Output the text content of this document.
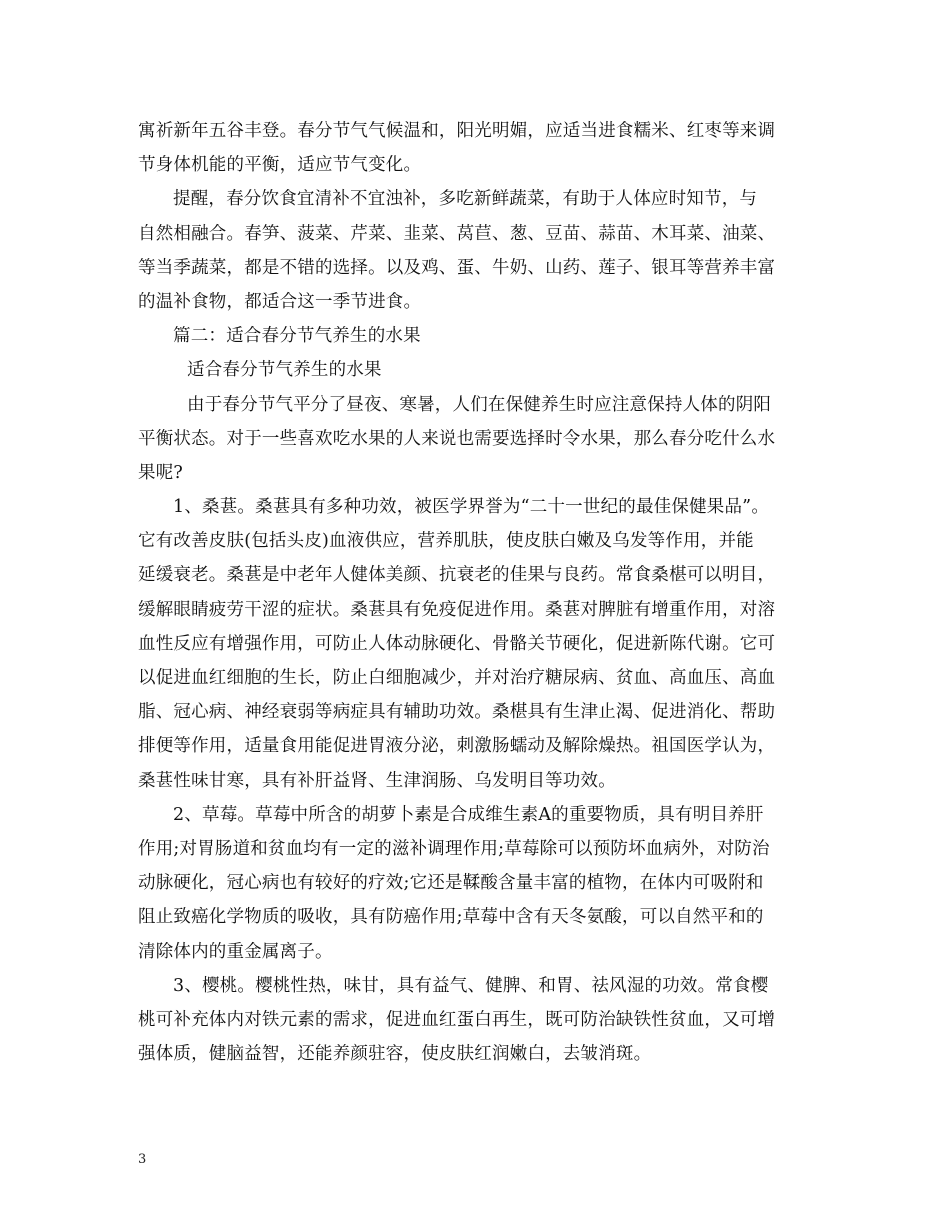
寓祈新年五谷丰登。春分节气气候温和，阳光明媚，应适当进食糯米、红枣等来调
节身体机能的平衡，适应节气变化。
提醒，春分饮食宜清补不宜浊补，多吃新鲜蔬菜，有助于人体应时知节，与
自然相融合。春笋、菠菜、芹菜、韭菜、莴苣、葱、豆苗、蒜苗、木耳菜、油菜、
等当季蔬菜，都是不错的选择。以及鸡、蛋、牛奶、山药、莲子、银耳等营养丰富
的温补食物，都适合这一季节进食。
篇二：适合春分节气养生的水果
适合春分节气养生的水果
由于春分节气平分了昼夜、寒暑，人们在保健养生时应注意保持人体的阴阳
平衡状态。对于一些喜欢吃水果的人来说也需要选择时令水果，那么春分吃什么水
果呢?
1、桑葚。桑葚具有多种功效，被医学界誉为“二十一世纪的最佳保健果品”。
它有改善皮肤(包括头皮)血液供应，营养肌肤，使皮肤白嫩及乌发等作用，并能
延缓衰老。桑葚是中老年人健体美颜、抗衰老的佳果与良药。常食桑椹可以明目，
缓解眼睛疲劳干涩的症状。桑葚具有免疫促进作用。桑葚对脾脏有增重作用，对溶
血性反应有增强作用，可防止人体动脉硬化、骨骼关节硬化，促进新陈代谢。它可
以促进血红细胞的生长，防止白细胞减少，并对治疗糖尿病、贫血、高血压、高血
脂、冠心病、神经衰弱等病症具有辅助功效。桑椹具有生津止渴、促进消化、帮助
排便等作用，适量食用能促进胃液分泌，刺激肠蠕动及解除燥热。祖国医学认为，
桑葚性味甘寒，具有补肝益肾、生津润肠、乌发明目等功效。
2、草莓。草莓中所含的胡萝卜素是合成维生素A的重要物质，具有明目养肝
作用;对胃肠道和贫血均有一定的滋补调理作用;草莓除可以预防坏血病外，对防治
动脉硬化，冠心病也有较好的疗效;它还是鞣酸含量丰富的植物，在体内可吸附和
阻止致癌化学物质的吸收，具有防癌作用;草莓中含有天冬氨酸，可以自然平和的
清除体内的重金属离子。
3、樱桃。樱桃性热，味甘，具有益气、健脾、和胃、祛风湿的功效。常食樱
桃可补充体内对铁元素的需求，促进血红蛋白再生，既可防治缺铁性贫血，又可增
强体质，健脑益智，还能养颜驻容，使皮肤红润嫩白，去皱消斑。
3
